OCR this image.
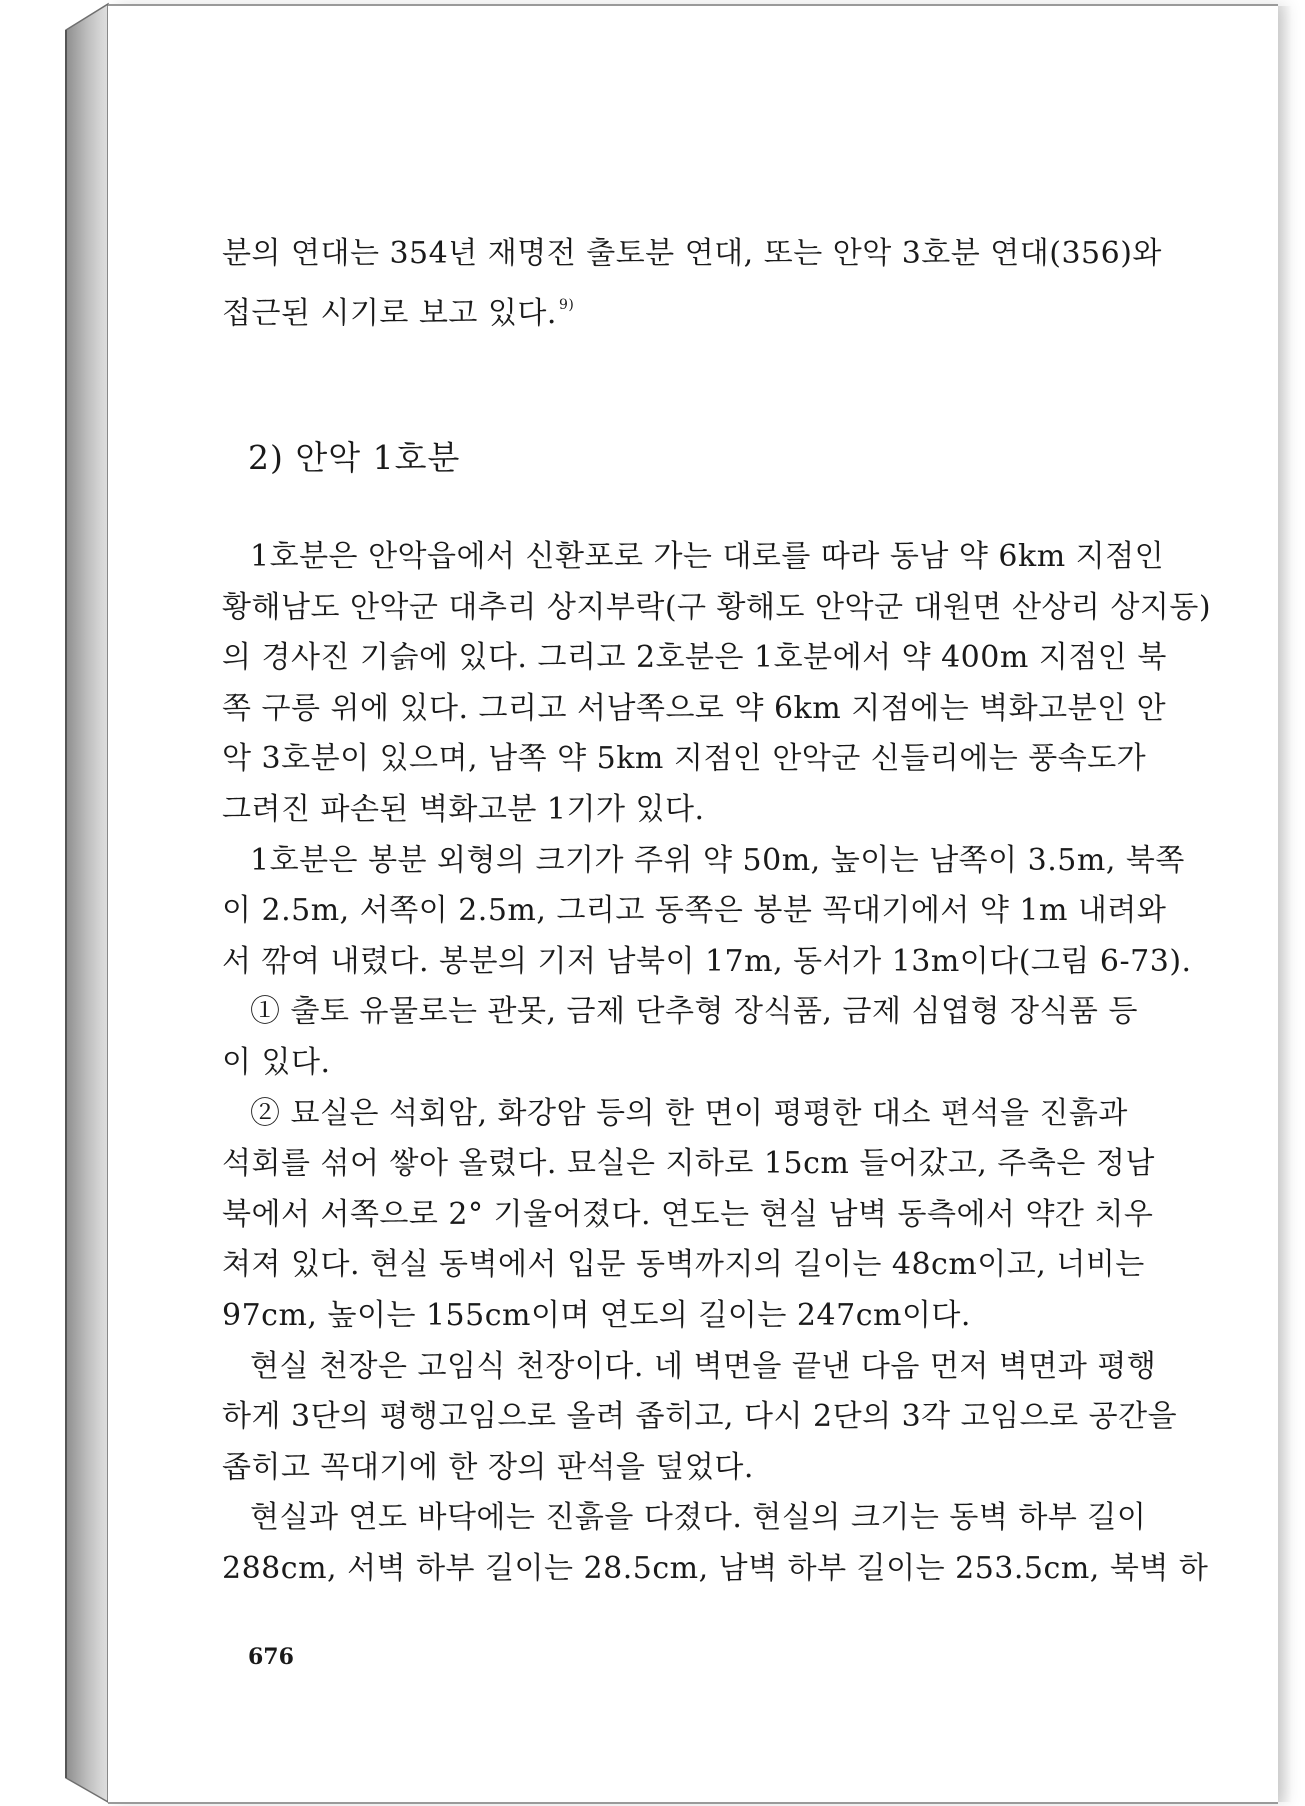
분의 연대는 354년 재명전 출토분 연대, 또는 안악 3호분 연대(356)와
접근된 시기로 보고 있다. $^{9)}$
2) 안악 1호분
1호분은 안악읍에서 신환포로 가는 대로를 따라 동남 약 6km 지점인
황해남도 안악군 대추리 상지부락(구 황해도 안악군 대원면 산상리 상지동)
의 경사진 기슭에 있다. 그리고 2호분은 1호분에서 약 400m 지점인 북
쪽 구릉 위에 있다. 그리고 서남쪽으로 약 6km 지점에는 벽화고분인 안
악 3호분이 있으며, 남쪽 약 5km 지점인 안악군 신들리에는 풍속도가
그려진 파손된 벽화고분 1기가 있다.
1호분은 봉분 외형의 크기가 주위 약 50m, 높이는 남쪽이 3.5m, 북쪽
이 2.5m, 서쪽이 2.5m, 그리고 동쪽은 봉분 꼭대기에서 약 1m 내려와
서 깎여 내렸다. 봉분의 기저 남북이 17m, 동서가 13m이다(그림 6-73).
① 출토 유물로는 관못, 금제 단추형 장식품, 금제 심엽형 장식품 등
이 있다.
② 묘실은 석회암, 화강암 등의 한 면이 평평한 대소 편석을 진흙과
석회를 섞어 쌓아 올렸다. 묘실은 지하로 15cm 들어갔고, 주축은 정남
북에서 서쪽으로 2° 기울어졌다. 연도는 현실 남벽 동측에서 약간 치우
쳐져 있다. 현실 동벽에서 입문 동벽까지의 길이는 48cm이고, 너비는
97cm, 높이는 155cm이며 연도의 길이는 247cm이다.
현실 천장은 고임식 천장이다. 네 벽면을 끝낸 다음 먼저 벽면과 평행
하게 3단의 평행고임으로 올려 좁히고, 다시 2단의 3각 고임으로 공간을
좁히고 꼭대기에 한 장의 판석을 덮었다.
현실과 연도 바닥에는 진흙을 다졌다. 현실의 크기는 동벽 하부 길이
288cm, 서벽 하부 길이는 28.5cm, 남벽 하부 길이는 253.5cm, 북벽 하
676
